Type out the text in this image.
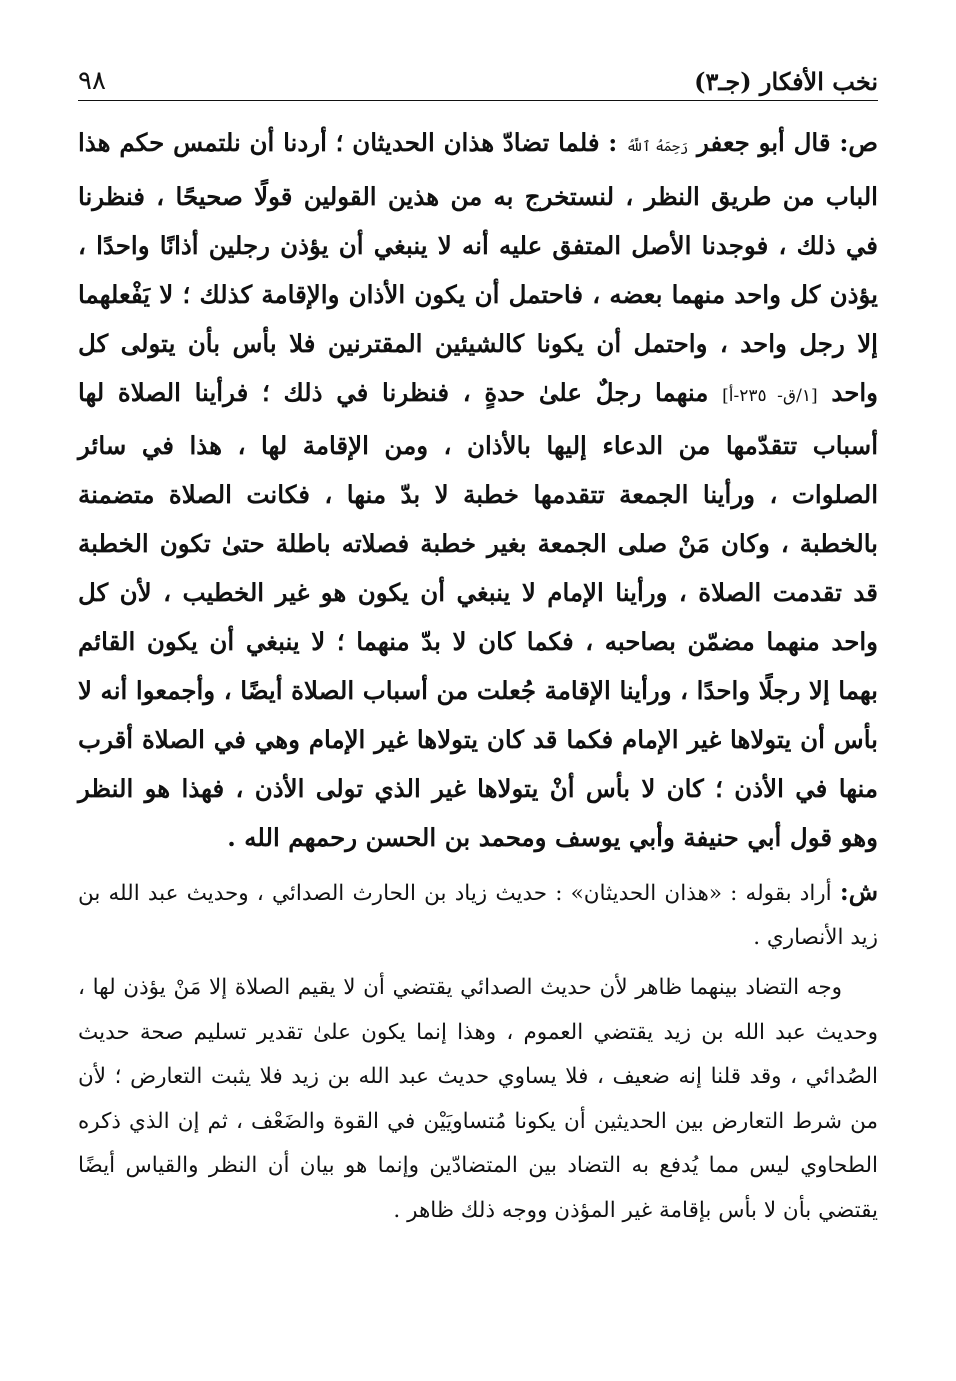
٩٨	نخب الأفكار (جـ٣)

ص: قال أبو جعفر رَحِمَهُ ٱللَّهُ : فلما تضادّ هذان الحديثان ؛ أردنا أن نلتمس حكم هذا الباب من طريق النظر ، لنستخرج به من هذين القولين قولًا صحيحًا ، فنظرنا في ذلك ، فوجدنا الأصل المتفق عليه أنه لا ينبغي أن يؤذن رجلين أذانًا واحدًا ، يؤذن كل واحد منهما بعضه ، فاحتمل أن يكون الأذان والإقامة كذلك ؛ لا يَفْعلهما إلا رجل واحد ، واحتمل أن يكونا كالشيئين المقترنين فلا بأس بأن يتولى كل واحد [١/ق- ٢٣٥-أ] منهما رجلٌ علىٰ حدةٍ ، فنظرنا في ذلك ؛ فرأينا الصلاة لها أسباب تتقدّمها من الدعاء إليها بالأذان ، ومن الإقامة لها ، هذا في سائر الصلوات ، ورأينا الجمعة تتقدمها خطبة لا بدّ منها ، فكانت الصلاة متضمنة بالخطبة ، وكان مَنْ صلى الجمعة بغير خطبة فصلاته باطلة حتىٰ تكون الخطبة قد تقدمت الصلاة ، ورأينا الإمام لا ينبغي أن يكون هو غير الخطيب ، لأن كل واحد منهما مضمّن بصاحبه ، فكما كان لا بدّ منهما ؛ لا ينبغي أن يكون القائم بهما إلا رجلًا واحدًا ، ورأينا الإقامة جُعلت من أسباب الصلاة أيضًا ، وأجمعوا أنه لا بأس أن يتولاها غير الإمام فكما قد كان يتولاها غير الإمام وهي في الصلاة أقرب منها في الأذن ؛ كان لا بأس أنْ يتولاها غير الذي تولى الأذن ، فهذا هو النظر وهو قول أبي حنيفة وأبي يوسف ومحمد بن الحسن رحمهم الله .

ش: أراد بقوله : «هذان الحديثان» : حديث زياد بن الحارث الصدائي ، وحديث عبد الله بن زيد الأنصاري .

وجه التضاد بينهما ظاهر لأن حديث الصدائي يقتضي أن لا يقيم الصلاة إلا مَنْ يؤذن لها ، وحديث عبد الله بن زيد يقتضي العموم ، وهذا إنما يكون علىٰ تقدير تسليم صحة حديث الصُدائي ، وقد قلنا إنه ضعيف ، فلا يساوي حديث عبد الله بن زيد فلا يثبت التعارض ؛ لأن من شرط التعارض بين الحديثين أن يكونا مُتساويَيْن في القوة والضَعْف ، ثم إن الذي ذكره الطحاوي ليس مما يُدفع به التضاد بين المتضادّين وإنما هو بيان أن النظر والقياس أيضًا يقتضي بأن لا بأس بإقامة غير المؤذن ووجه ذلك ظاهر .
